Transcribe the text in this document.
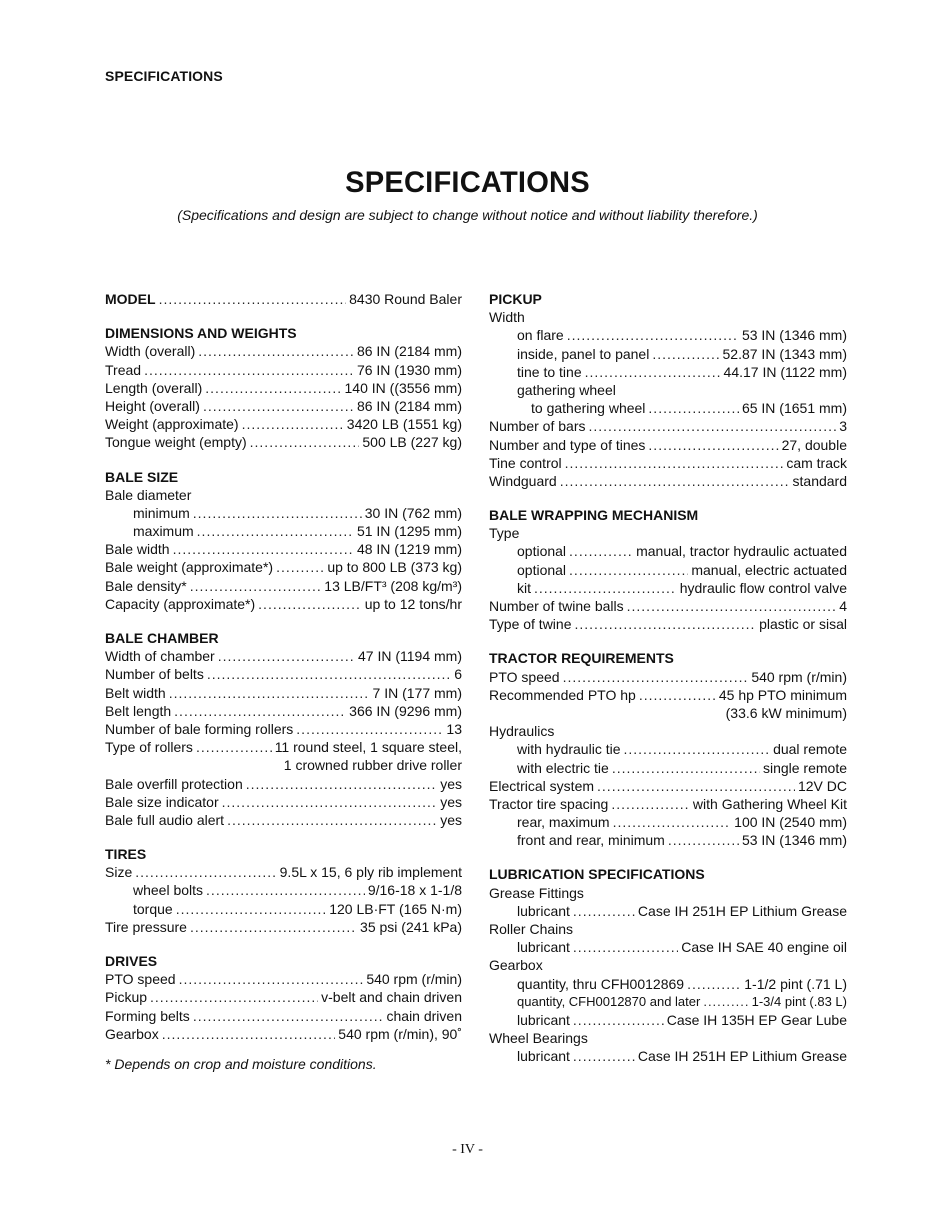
SPECIFICATIONS
SPECIFICATIONS
(Specifications and design are subject to change without notice and without liability therefore.)
MODEL .....	8430 Round Baler
DIMENSIONS AND WEIGHTS
Width (overall) .....	86 IN (2184 mm)
Tread .....	76 IN (1930 mm)
Length (overall) .....	140 IN ((3556 mm)
Height (overall) .....	86 IN (2184 mm)
Weight (approximate) .....	3420 LB (1551 kg)
Tongue weight (empty) .....	500 LB (227 kg)
BALE SIZE
Bale diameter
minimum .....	30 IN (762 mm)
maximum .....	51 IN (1295 mm)
Bale width .....	48 IN (1219 mm)
Bale weight (approximate*) .....	up to 800 LB (373 kg)
Bale density* .....	13 LB/FT³ (208 kg/m³)
Capacity (approximate*) .....	up to 12 tons/hr
BALE CHAMBER
Width of chamber .....	47 IN (1194 mm)
Number of belts .....	6
Belt width .....	7 IN (177 mm)
Belt length .....	366 IN (9296 mm)
Number of bale forming rollers .....	13
Type of rollers .....	11 round steel, 1 square steel,
1 crowned rubber drive roller
Bale overfill protection .....	yes
Bale size indicator .....	yes
Bale full audio alert .....	yes
TIRES
Size .....	9.5L x 15, 6 ply rib implement
wheel bolts .....	9/16-18 x 1-1/8
torque .....	120 LB·FT (165 N·m)
Tire pressure .....	35 psi (241 kPa)
DRIVES
PTO speed .....	540 rpm (r/min)
Pickup .....	v-belt and chain driven
Forming belts .....	chain driven
Gearbox .....	540 rpm (r/min), 90˚
* Depends on crop and moisture conditions.
PICKUP
Width
on flare .....	53 IN (1346 mm)
inside, panel to panel .....	52.87 IN (1343 mm)
tine to tine .....	44.17 IN (1122 mm)
gathering wheel
to gathering wheel .....	65 IN (1651 mm)
Number of bars .....	3
Number and type of tines .....	27, double
Tine control .....	cam track
Windguard .....	standard
BALE WRAPPING MECHANISM
Type
optional .....	manual, tractor hydraulic actuated
optional .....	manual, electric actuated
kit .....	hydraulic flow control valve
Number of twine balls .....	4
Type of twine .....	plastic or sisal
TRACTOR REQUIREMENTS
PTO speed .....	540 rpm (r/min)
Recommended PTO hp .....	45 hp PTO minimum
(33.6 kW minimum)
Hydraulics
with hydraulic tie .....	dual remote
with electric tie .....	single remote
Electrical system .....	12V DC
Tractor tire spacing .....	with Gathering Wheel Kit
rear, maximum .....	100 IN (2540 mm)
front and rear, minimum .....	53 IN (1346 mm)
LUBRICATION SPECIFICATIONS
Grease Fittings
lubricant .....	Case IH 251H EP Lithium Grease
Roller Chains
lubricant .....	Case IH SAE 40 engine oil
Gearbox
quantity, thru CFH0012869 .....	1-1/2 pint (.71 L)
quantity, CFH0012870 and later .....	1-3/4 pint (.83 L)
lubricant .....	Case IH 135H EP Gear Lube
Wheel Bearings
lubricant .....	Case IH 251H EP Lithium Grease
- IV -
